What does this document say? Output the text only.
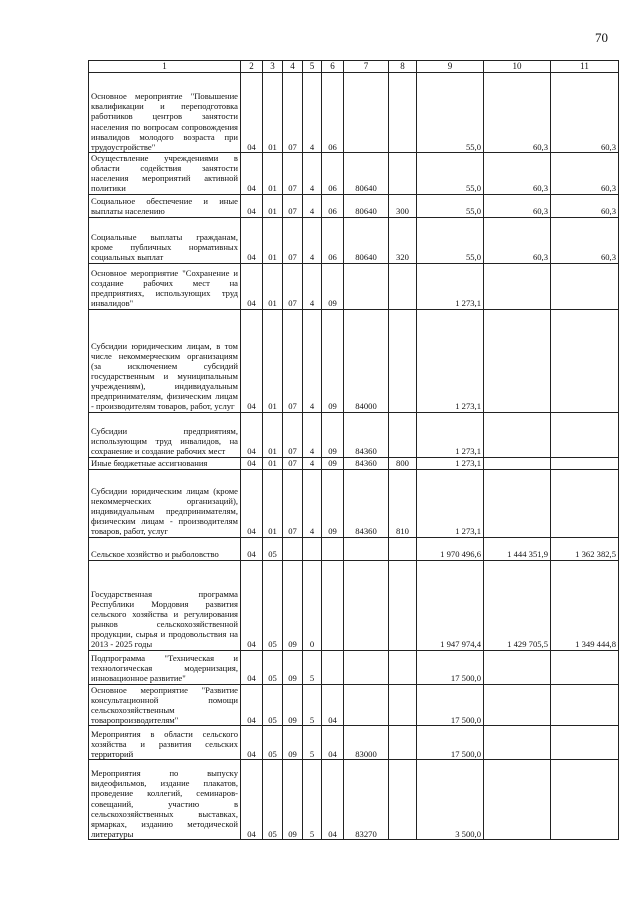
70
1	2	3	4	5	6	7	8	9	10	11
Основное мероприятие "Повышение квалификации и переподготовка работников центров занятости населения по вопросам сопровождения инвалидов молодого возраста при трудоустройстве"	04	01	07	4	06			55,0	60,3	60,3
Осуществление учреждениями в области содействия занятости населения мероприятий активной политики	04	01	07	4	06	80640		55,0	60,3	60,3
Социальное обеспечение и иные выплаты населению	04	01	07	4	06	80640	300	55,0	60,3	60,3
Социальные выплаты гражданам, кроме публичных нормативных социальных выплат	04	01	07	4	06	80640	320	55,0	60,3	60,3
Основное мероприятие "Сохранение и создание рабочих мест на предприятиях, использующих труд инвалидов"	04	01	07	4	09			1 273,1		
Субсидии юридическим лицам, в том числе некоммерческим организациям (за исключением субсидий государственным и муниципальным учреждениям), индивидуальным предпринимателям, физическим лицам - производителям товаров, работ, услуг	04	01	07	4	09	84000		1 273,1		
Субсидии предприятиям, использующим труд инвалидов, на сохранение и создание рабочих мест	04	01	07	4	09	84360		1 273,1		
Иные бюджетные ассигнования	04	01	07	4	09	84360	800	1 273,1		
Субсидии юридическим лицам (кроме некоммерческих организаций), индивидуальным предпринимателям, физическим лицам - производителям товаров, работ, услуг	04	01	07	4	09	84360	810	1 273,1		
Сельское хозяйство и рыболовство	04	05						1 970 496,6	1 444 351,9	1 362 382,5
Государственная программа Республики Мордовия развития сельского хозяйства и регулирования рынков сельскохозяйственной продукции, сырья и продовольствия на 2013 - 2025 годы	04	05	09	0				1 947 974,4	1 429 705,5	1 349 444,8
Подпрограмма "Техническая и технологическая модернизация, инновационное развитие"	04	05	09	5				17 500,0		
Основное мероприятие "Развитие консультационной помощи сельскохозяйственным товаропроизводителям"	04	05	09	5	04			17 500,0		
Мероприятия в области сельского хозяйства и развития сельских территорий	04	05	09	5	04	83000		17 500,0		
Мероприятия по выпуску видеофильмов, издание плакатов, проведение коллегий, семинаров-совещаний, участию в сельскохозяйственных выставках, ярмарках, изданию методической литературы	04	05	09	5	04	83270		3 500,0		
